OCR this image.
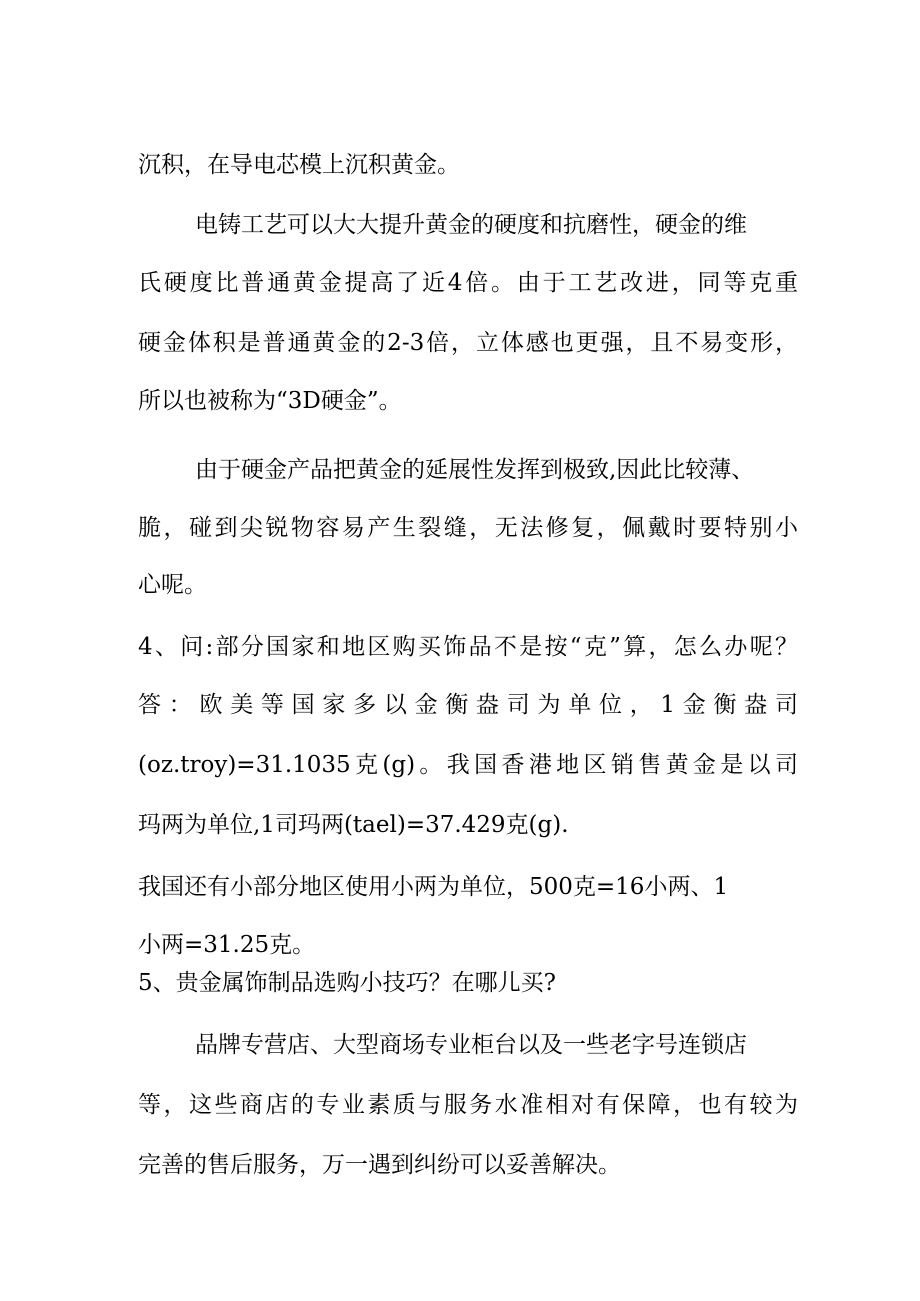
沉积，在导电芯模上沉积黄金。
电铸工艺可以大大提升黄金的硬度和抗磨性，硬金的维
氏硬度比普通黄金提高了近4倍。由于工艺改进，同等克重
硬金体积是普通黄金的2-3倍，立体感也更强，且不易变形，
所以也被称为“3D硬金”。
由于硬金产品把黄金的延展性发挥到极致,因此比较薄、
脆，碰到尖锐物容易产生裂缝，无法修复，佩戴时要特别小
心呢。
4、问:部分国家和地区购买饰品不是按“克”算，怎么办呢？
答：欧美等国家多以金衡盎司为单位，1金衡盎司
(oz.troy)=31.1035克(g)。我国香港地区销售黄金是以司
玛两为单位,1司玛两(tael)=37.429克(g).
我国还有小部分地区使用小两为单位，500克=16小两、1
小两=31.25克。
5、贵金属饰制品选购小技巧？在哪儿买?
品牌专营店、大型商场专业柜台以及一些老字号连锁店
等，这些商店的专业素质与服务水准相对有保障，也有较为
完善的售后服务，万一遇到纠纷可以妥善解决。
